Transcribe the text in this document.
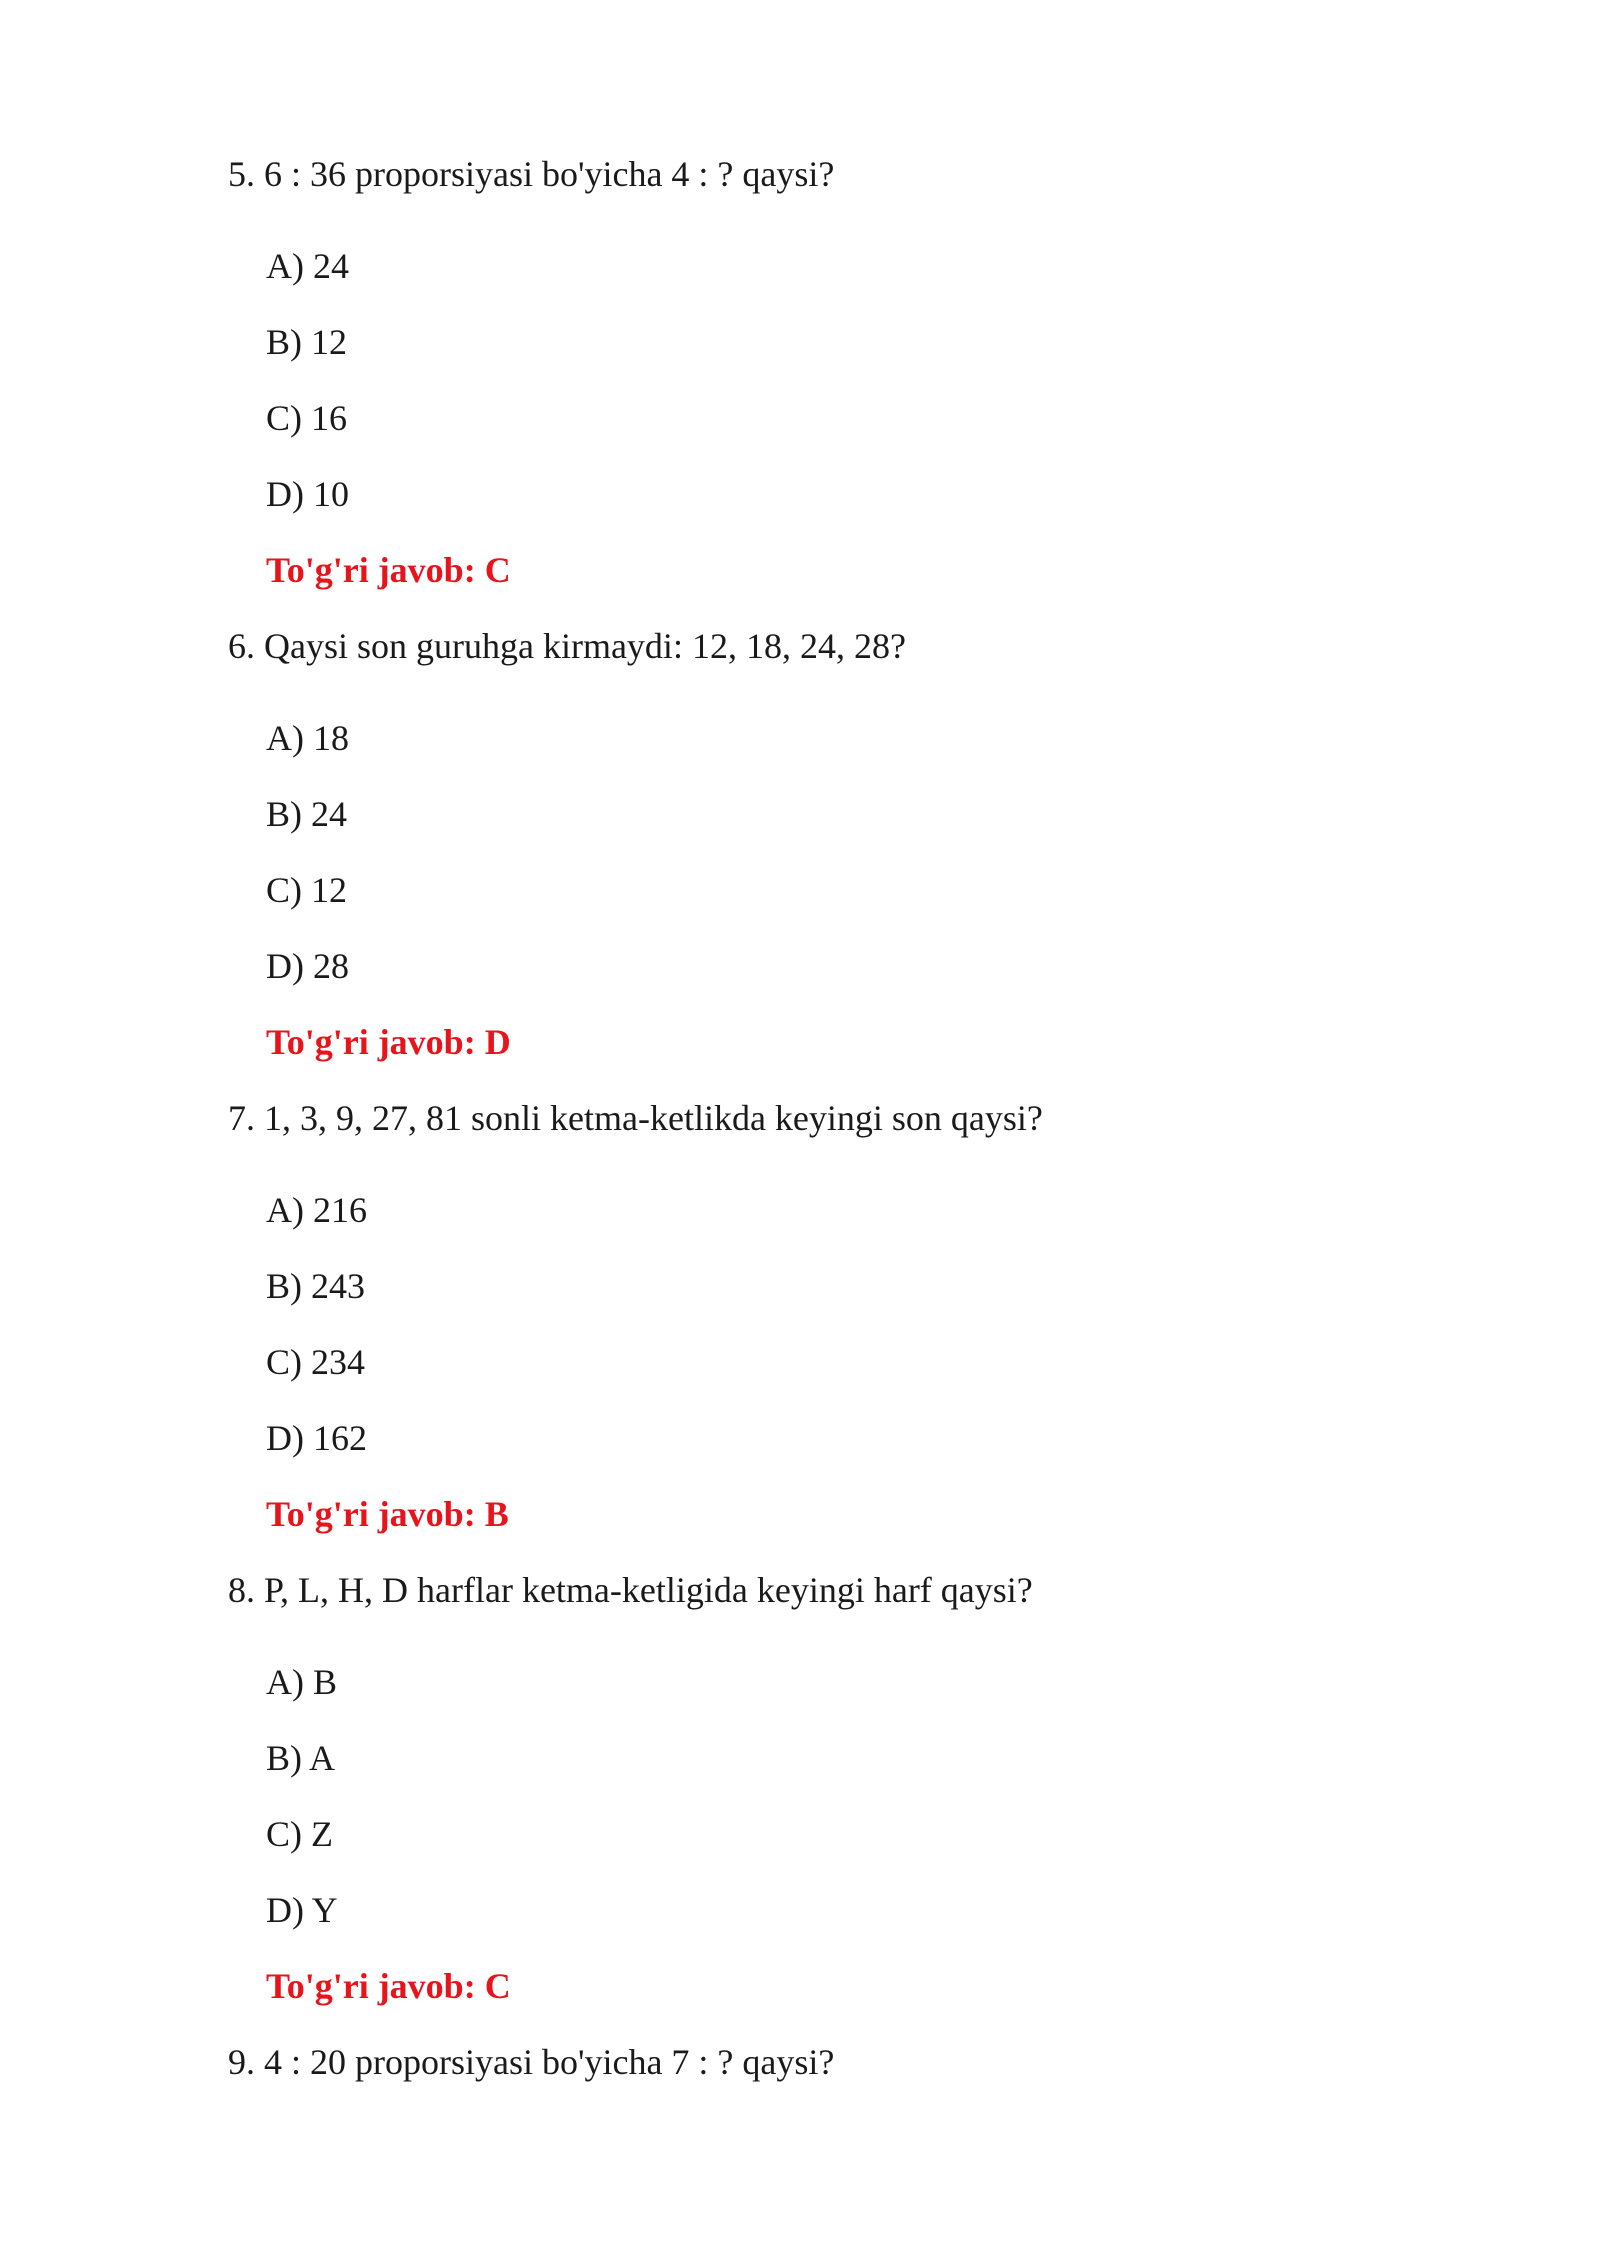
5. 6 : 36 proporsiyasi bo'yicha 4 : ? qaysi?
A) 24
B) 12
C) 16
D) 10
To'g'ri javob: C
6. Qaysi son guruhga kirmaydi: 12, 18, 24, 28?
A) 18
B) 24
C) 12
D) 28
To'g'ri javob: D
7. 1, 3, 9, 27, 81 sonli ketma-ketlikda keyingi son qaysi?
A) 216
B) 243
C) 234
D) 162
To'g'ri javob: B
8. P, L, H, D harflar ketma-ketligida keyingi harf qaysi?
A) B
B) A
C) Z
D) Y
To'g'ri javob: C
9. 4 : 20 proporsiyasi bo'yicha 7 : ? qaysi?
